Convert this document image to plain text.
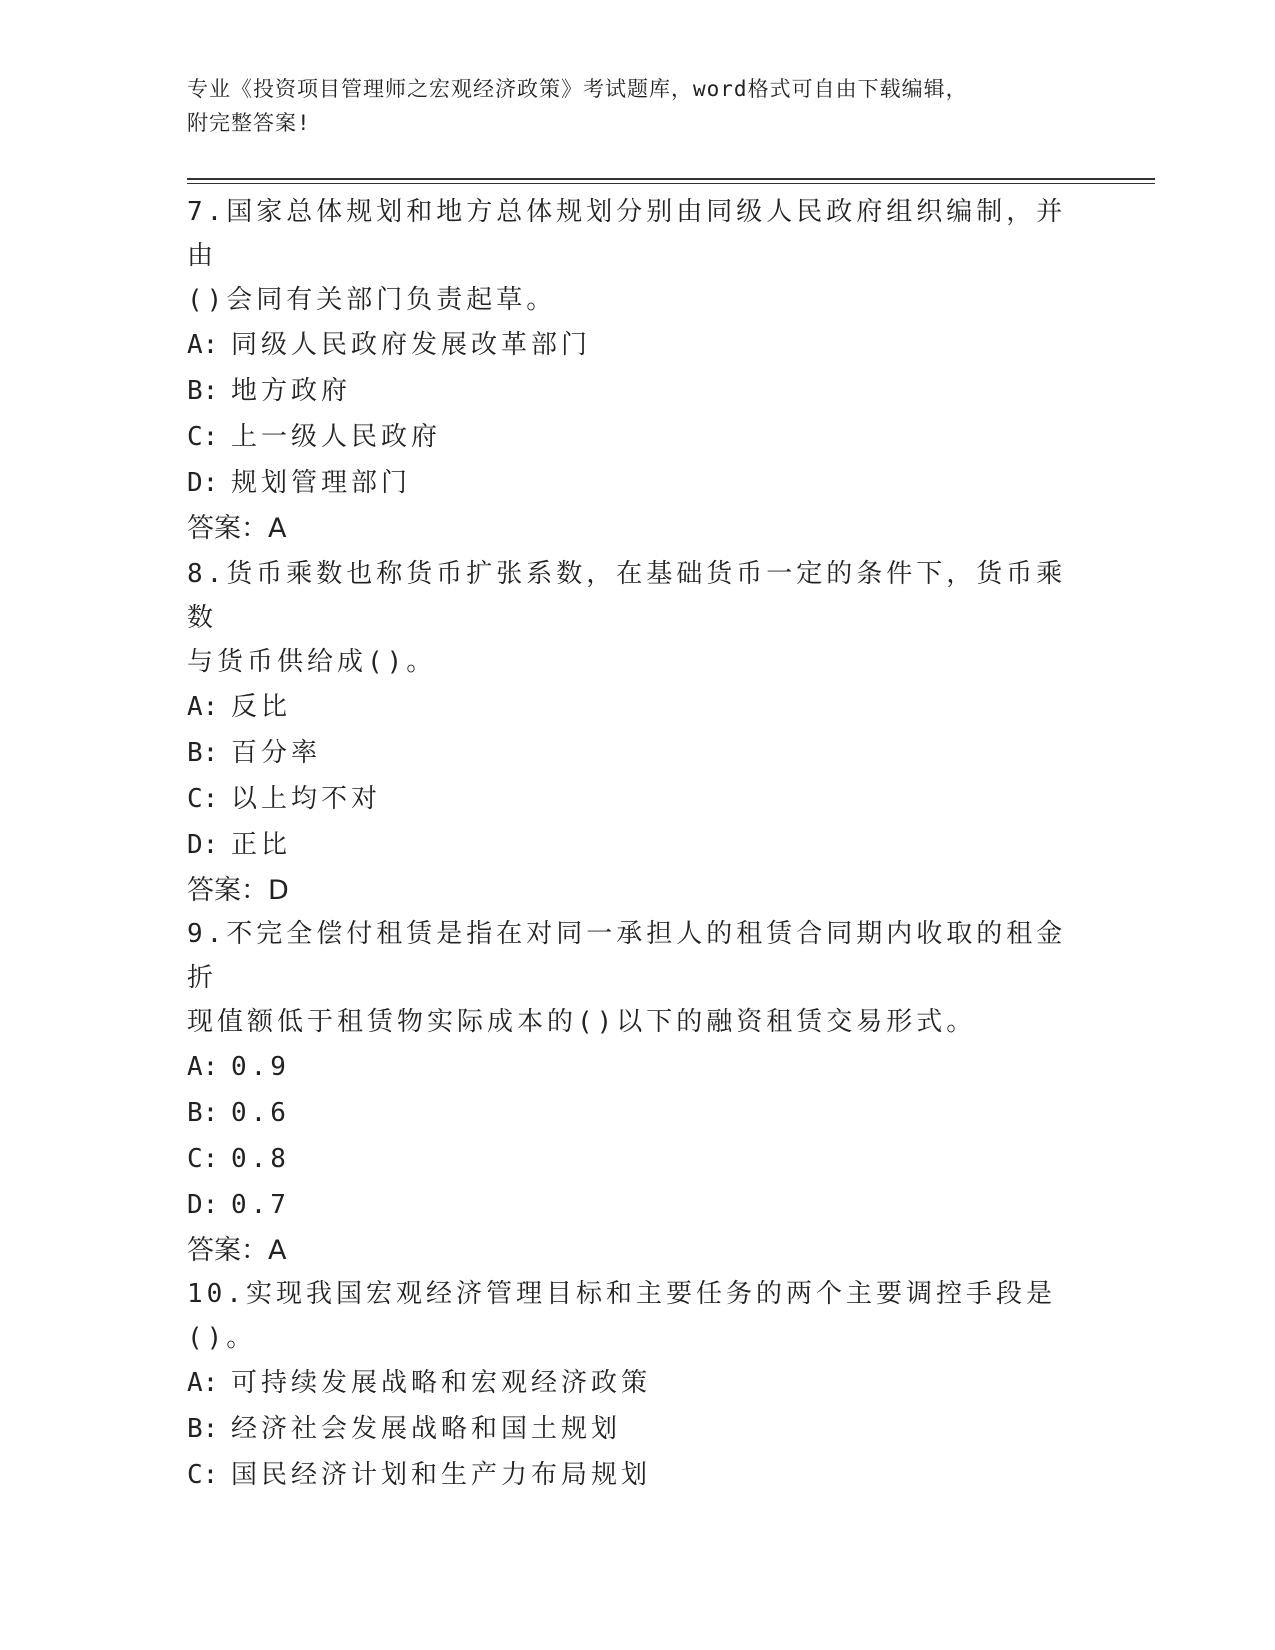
专业《投资项目管理师之宏观经济政策》考试题库，word格式可自由下载编辑，
附完整答案!

7.国家总体规划和地方总体规划分别由同级人民政府组织编制，并由

()会同有关部门负责起草。

A: 同级人民政府发展改革部门

B: 地方政府

C: 上一级人民政府

D: 规划管理部门

答案：A

8.货币乘数也称货币扩张系数，在基础货币一定的条件下，货币乘数

与货币供给成()。

A: 反比

B: 百分率

C: 以上均不对

D: 正比

答案：D

9.不完全偿付租赁是指在对同一承担人的租赁合同期内收取的租金折

现值额低于租赁物实际成本的()以下的融资租赁交易形式。

A: 0.9

B: 0.6

C: 0.8

D: 0.7

答案：A

10.实现我国宏观经济管理目标和主要任务的两个主要调控手段是()。

A: 可持续发展战略和宏观经济政策

B: 经济社会发展战略和国土规划

C: 国民经济计划和生产力布局规划
